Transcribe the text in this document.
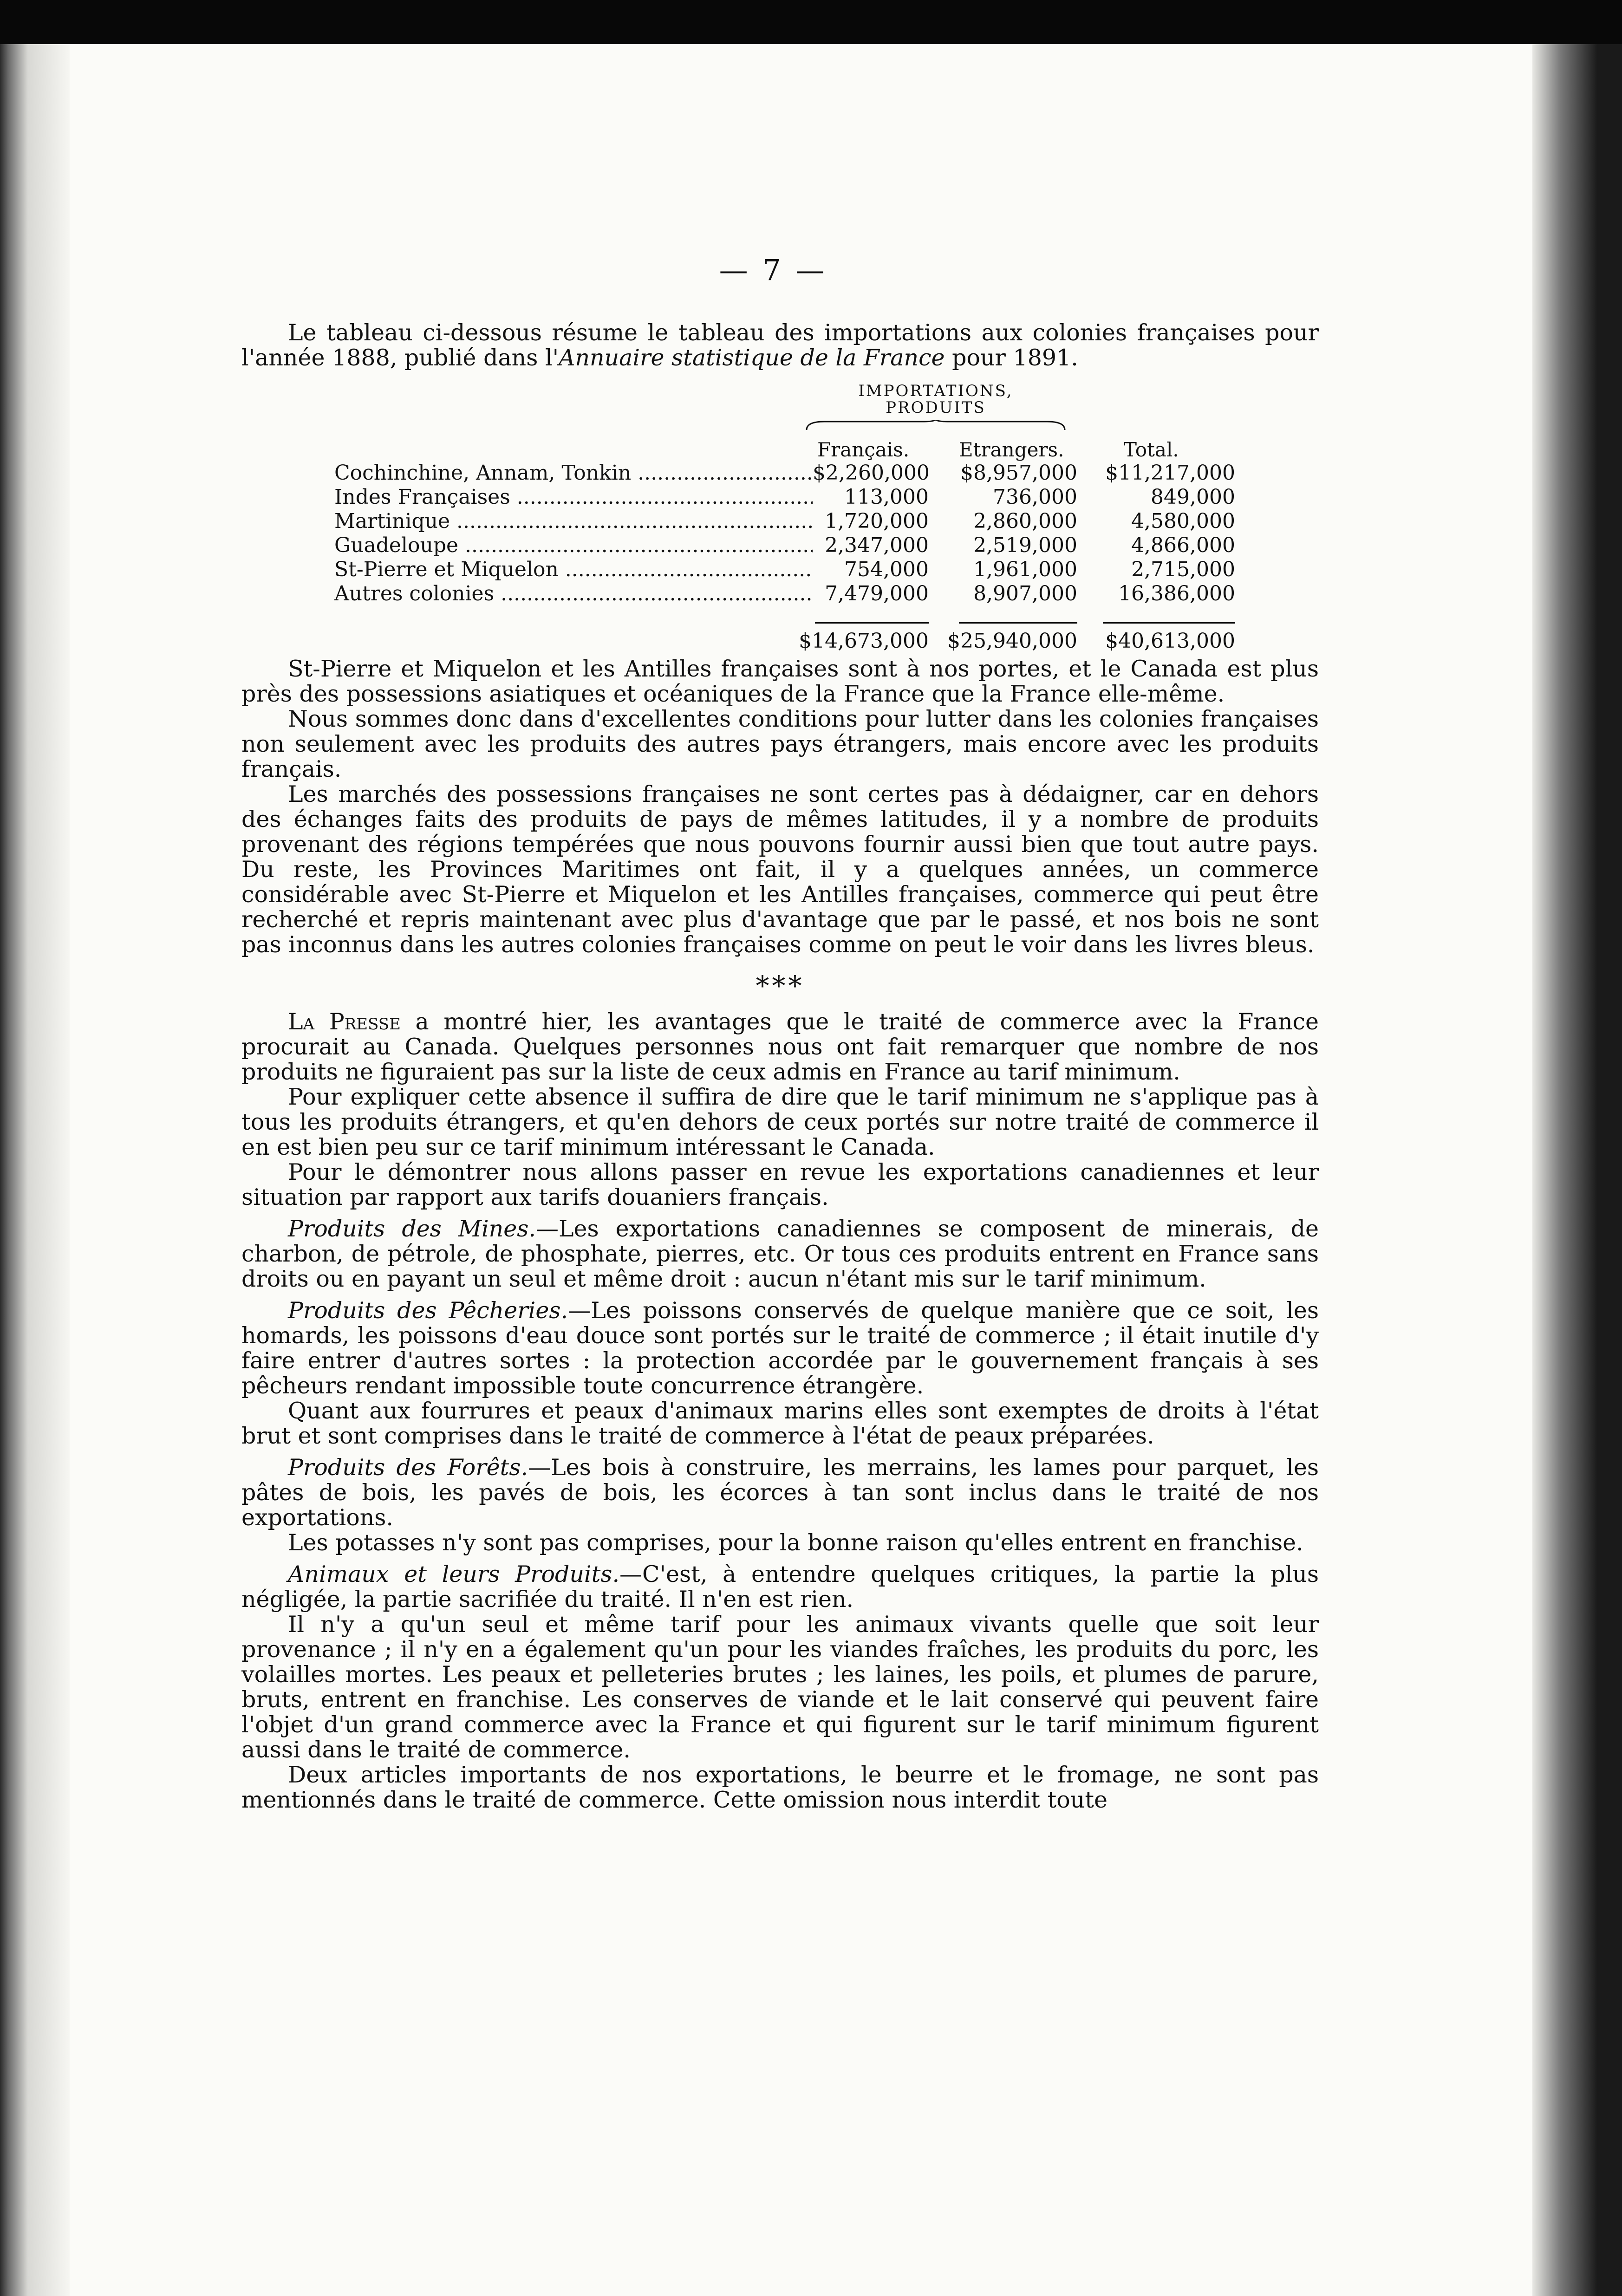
— 7 —

Le tableau ci-dessous résume le tableau des importations aux colonies françaises pour l'année 1888, publié dans l'Annuaire statistique de la France pour 1891.

IMPORTATIONS,
PRODUITS
Français.	Etrangers.	Total.
Cochinchine, Annam, Tonkin .....	$2,260,000	$8,957,000	$11,217,000
Indes Françaises .....	113,000	736,000	849,000
Martinique .....	1,720,000	2,860,000	4,580,000
Guadeloupe .....	2,347,000	2,519,000	4,866,000
St-Pierre et Miquelon .....	754,000	1,961,000	2,715,000
Autres colonies .....	7,479,000	8,907,000	16,386,000
$14,673,000 $25,940,000	$40,613,000

St-Pierre et Miquelon et les Antilles françaises sont à nos portes, et le Canada est plus près des possessions asiatiques et océaniques de la France que la France elle-même.

Nous sommes donc dans d'excellentes conditions pour lutter dans les colonies françaises non seulement avec les produits des autres pays étrangers, mais encore avec les produits français.

Les marchés des possessions françaises ne sont certes pas à dédaigner, car en dehors des échanges faits des produits de pays de mêmes latitudes, il y a nombre de produits provenant des régions tempérées que nous pouvons fournir aussi bien que tout autre pays. Du reste, les Provinces Maritimes ont fait, il y a quelques années, un commerce considérable avec St-Pierre et Miquelon et les Antilles françaises, commerce qui peut être recherché et repris maintenant avec plus d'avantage que par le passé, et nos bois ne sont pas inconnus dans les autres colonies françaises comme on peut le voir dans les livres bleus.

***

La Presse a montré hier, les avantages que le traité de commerce avec la France procurait au Canada. Quelques personnes nous ont fait remarquer que nombre de nos produits ne figuraient pas sur la liste de ceux admis en France au tarif minimum.

Pour expliquer cette absence il suffira de dire que le tarif minimum ne s'applique pas à tous les produits étrangers, et qu'en dehors de ceux portés sur notre traité de commerce il en est bien peu sur ce tarif minimum intéressant le Canada.

Pour le démontrer nous allons passer en revue les exportations canadiennes et leur situation par rapport aux tarifs douaniers français.

Produits des Mines.—Les exportations canadiennes se composent de minerais, de charbon, de pétrole, de phosphate, pierres, etc. Or tous ces produits entrent en France sans droits ou en payant un seul et même droit : aucun n'étant mis sur le tarif minimum.

Produits des Pêcheries.—Les poissons conservés de quelque manière que ce soit, les homards, les poissons d'eau douce sont portés sur le traité de commerce ; il était inutile d'y faire entrer d'autres sortes : la protection accordée par le gouvernement français à ses pêcheurs rendant impossible toute concurrence étrangère.

Quant aux fourrures et peaux d'animaux marins elles sont exemptes de droits à l'état brut et sont comprises dans le traité de commerce à l'état de peaux préparées.

Produits des Forêts.—Les bois à construire, les merrains, les lames pour parquet, les pâtes de bois, les pavés de bois, les écorces à tan sont inclus dans le traité de nos exportations.

Les potasses n'y sont pas comprises, pour la bonne raison qu'elles entrent en franchise.

Animaux et leurs Produits.—C'est, à entendre quelques critiques, la partie la plus négligée, la partie sacrifiée du traité. Il n'en est rien.

Il n'y a qu'un seul et même tarif pour les animaux vivants quelle que soit leur provenance ; il n'y en a également qu'un pour les viandes fraîches, les produits du porc, les volailles mortes. Les peaux et pelleteries brutes ; les laines, les poils, et plumes de parure, bruts, entrent en franchise. Les conserves de viande et le lait conservé qui peuvent faire l'objet d'un grand commerce avec la France et qui figurent sur le tarif minimum figurent aussi dans le traité de commerce.

Deux articles importants de nos exportations, le beurre et le fromage, ne sont pas mentionnés dans le traité de commerce. Cette omission nous interdit toute
